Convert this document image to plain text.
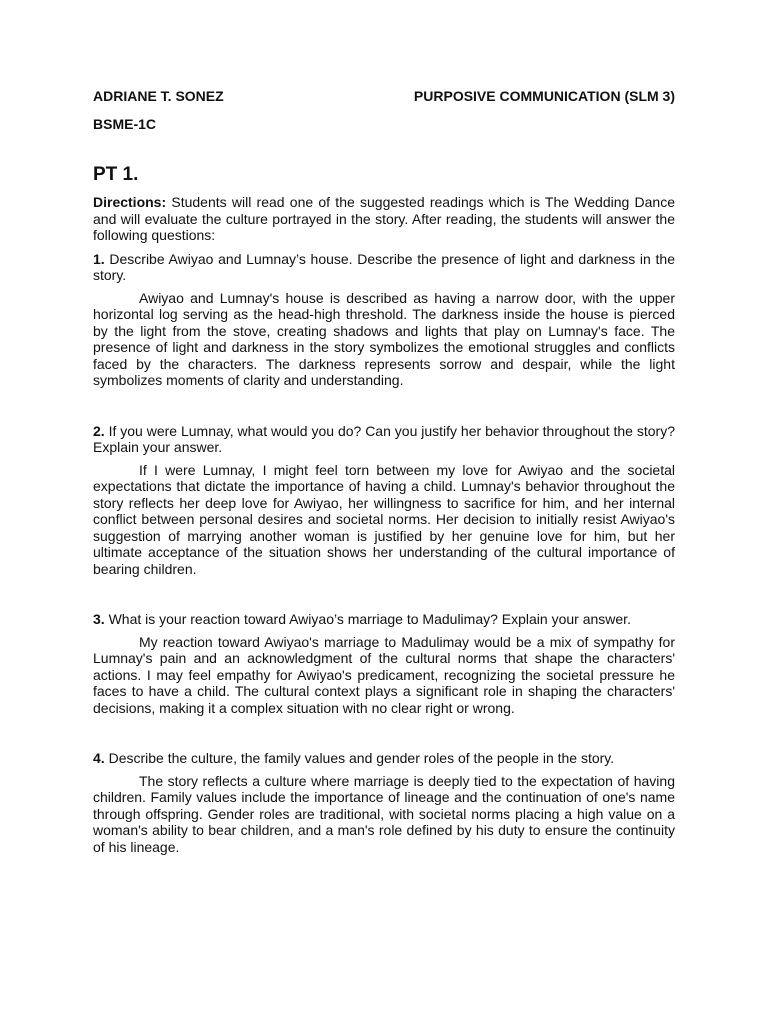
ADRIANE T. SONEZ	PURPOSIVE COMMUNICATION (SLM 3)
BSME-1C
PT 1.
Directions: Students will read one of the suggested readings which is The Wedding Dance and will evaluate the culture portrayed in the story. After reading, the students will answer the following questions:
1. Describe Awiyao and Lumnay’s house. Describe the presence of light and darkness in the story.
Awiyao and Lumnay's house is described as having a narrow door, with the upper horizontal log serving as the head-high threshold. The darkness inside the house is pierced by the light from the stove, creating shadows and lights that play on Lumnay's face. The presence of light and darkness in the story symbolizes the emotional struggles and conflicts faced by the characters. The darkness represents sorrow and despair, while the light symbolizes moments of clarity and understanding.
2. If you were Lumnay, what would you do? Can you justify her behavior throughout the story? Explain your answer.
If I were Lumnay, I might feel torn between my love for Awiyao and the societal expectations that dictate the importance of having a child. Lumnay's behavior throughout the story reflects her deep love for Awiyao, her willingness to sacrifice for him, and her internal conflict between personal desires and societal norms. Her decision to initially resist Awiyao's suggestion of marrying another woman is justified by her genuine love for him, but her ultimate acceptance of the situation shows her understanding of the cultural importance of bearing children.
3. What is your reaction toward Awiyao’s marriage to Madulimay? Explain your answer.
My reaction toward Awiyao's marriage to Madulimay would be a mix of sympathy for Lumnay's pain and an acknowledgment of the cultural norms that shape the characters' actions. I may feel empathy for Awiyao's predicament, recognizing the societal pressure he faces to have a child. The cultural context plays a significant role in shaping the characters' decisions, making it a complex situation with no clear right or wrong.
4. Describe the culture, the family values and gender roles of the people in the story.
The story reflects a culture where marriage is deeply tied to the expectation of having children. Family values include the importance of lineage and the continuation of one's name through offspring. Gender roles are traditional, with societal norms placing a high value on a woman's ability to bear children, and a man's role defined by his duty to ensure the continuity of his lineage.
